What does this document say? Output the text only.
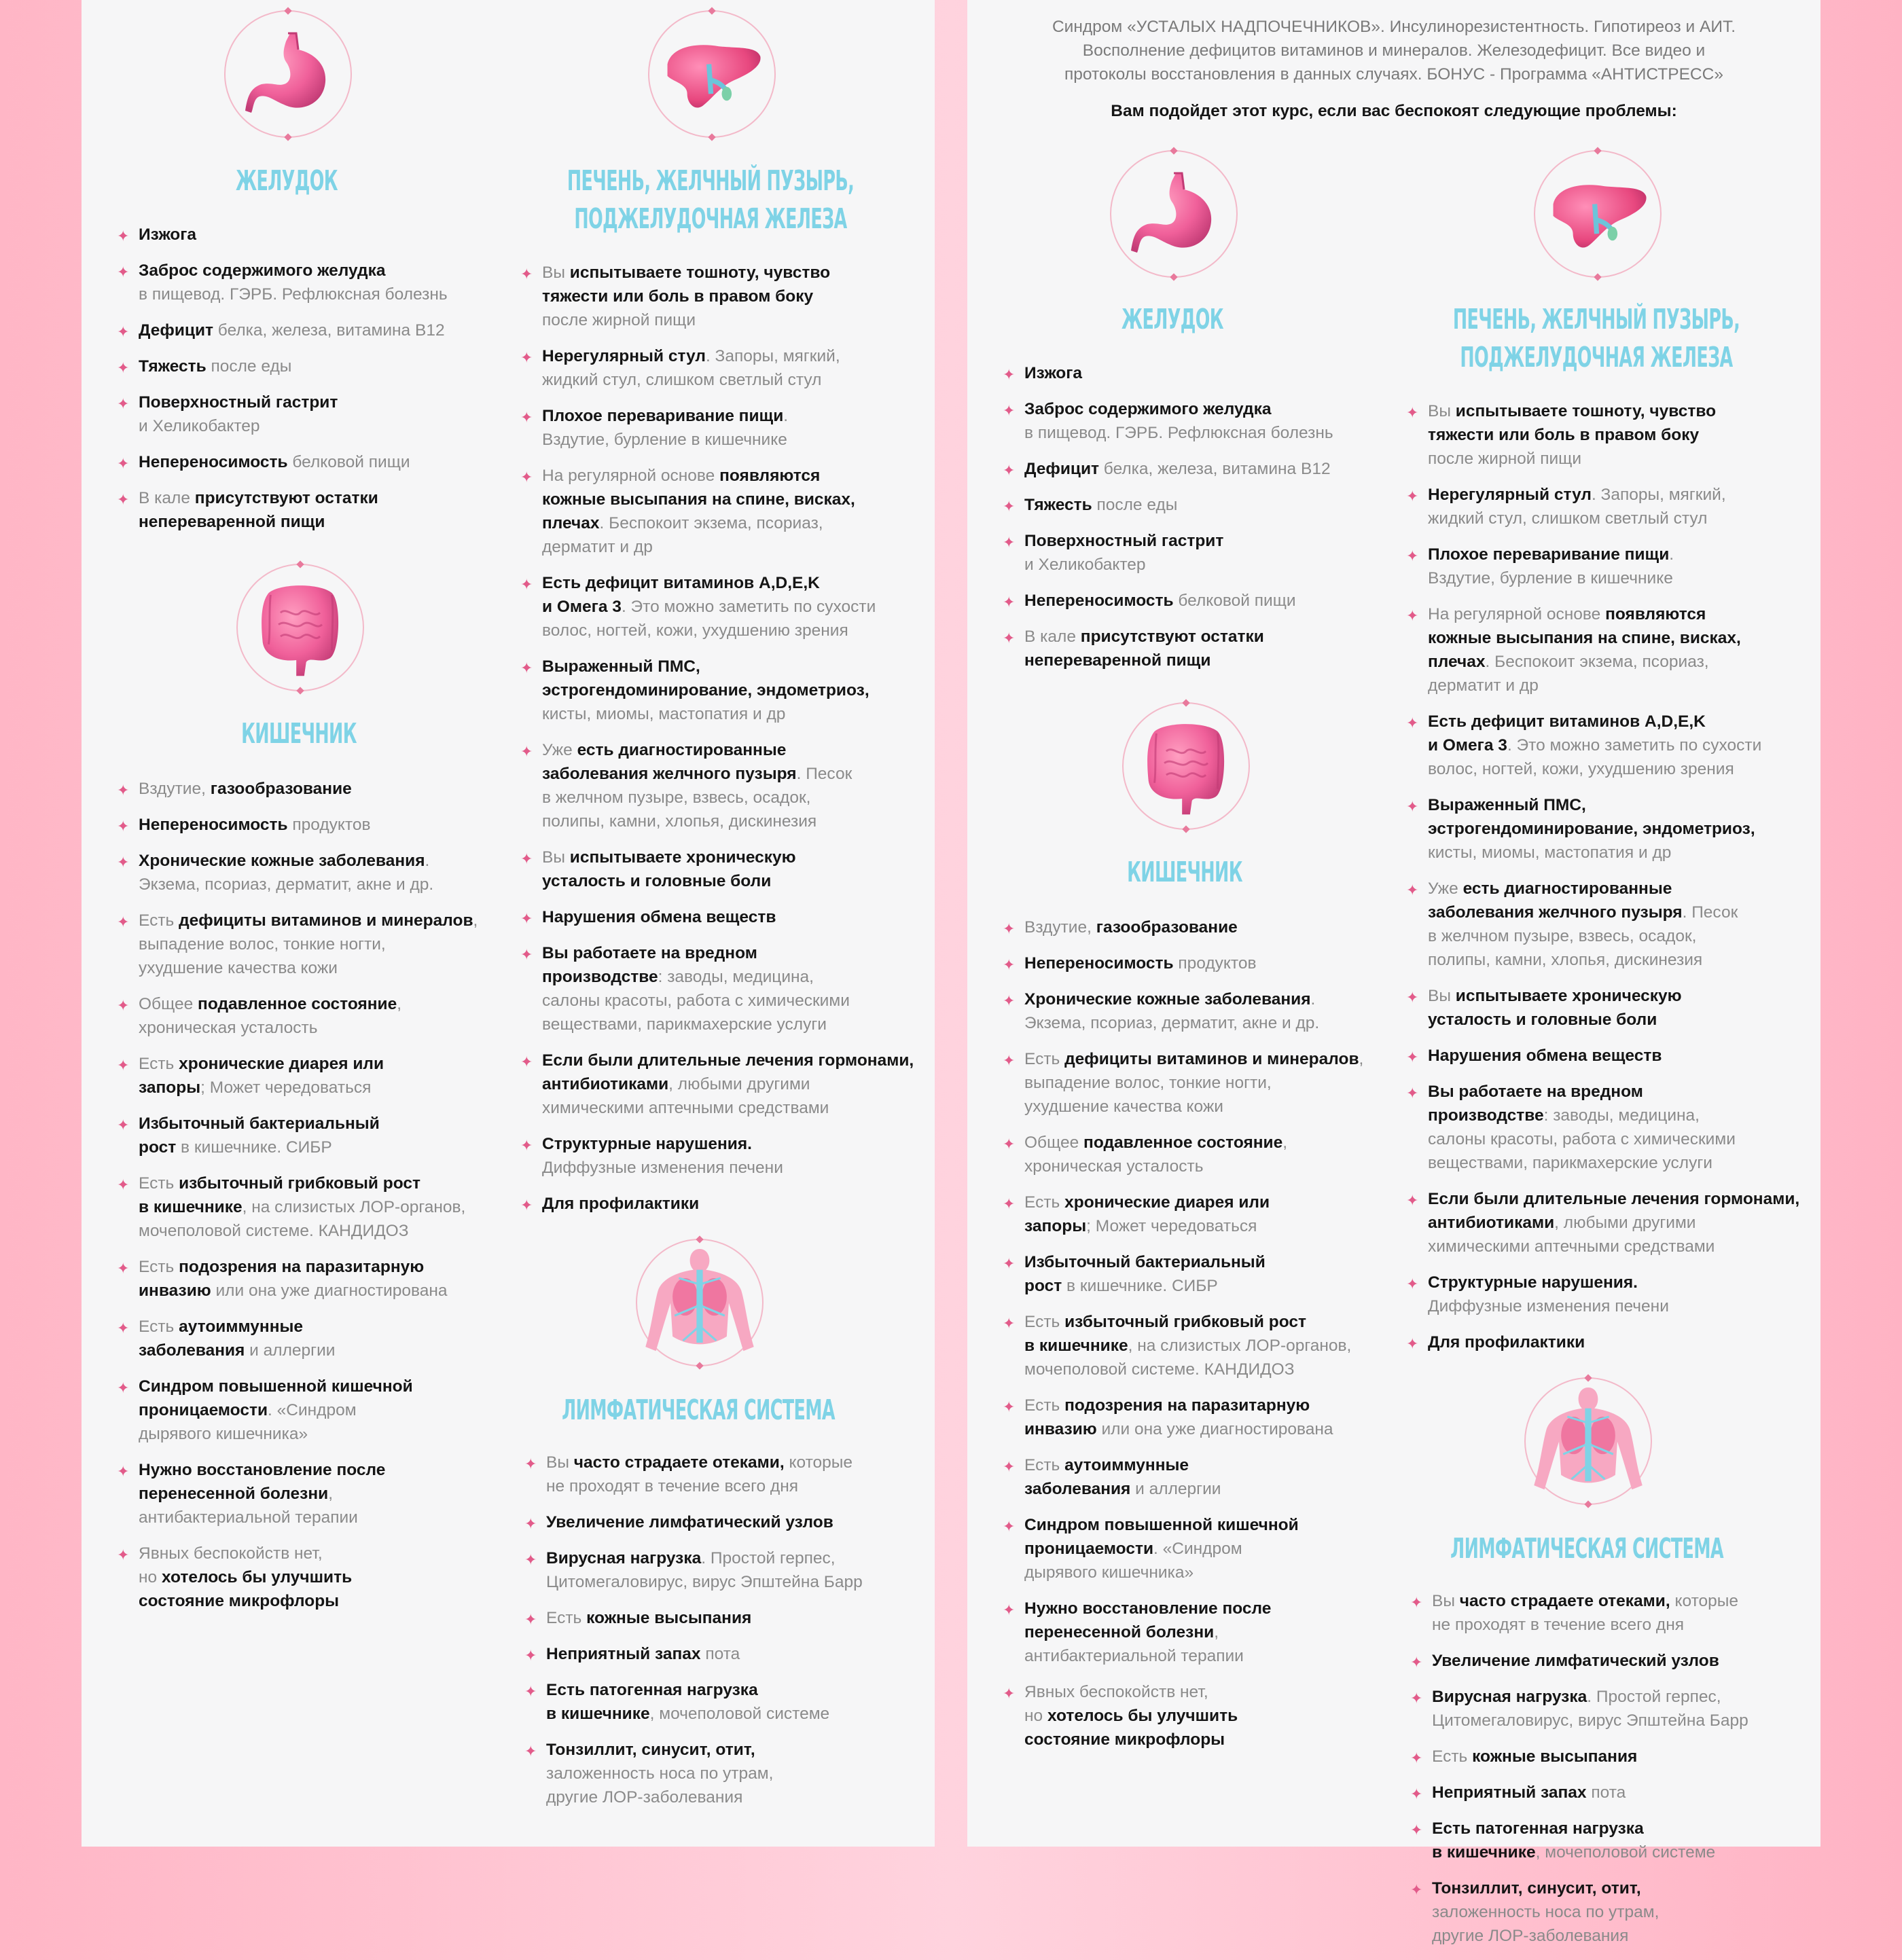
Синдром «УСТАЛЫХ НАДПОЧЕЧНИКОВ». Инсулинорезистентность. Гипотиреоз и АИТ.
Восполнение дефицитов витаминов и минералов. Железодефицит. Все видео и
протоколы восстановления в данных случаях. БОНУС - Программа «АНТИСТРЕСС»
Вам подойдет этот курс, если вас беспокоят следующие проблемы:
ЖЕЛУДОК
✦ Изжога
✦ Заброс содержимого желудка
в пищевод. ГЭРБ. Рефлюксная болезнь
✦ Дефицит белка, железа, витамина В12
✦ Тяжесть после еды
✦ Поверхностный гастрит
и Хеликобактер
✦ Непереносимость белковой пищи
✦ В кале присутствуют остатки
непереваренной пищи
ПЕЧЕНЬ, ЖЕЛЧНЫЙ ПУЗЫРЬ,
ПОДЖЕЛУДОЧНАЯ ЖЕЛЕЗА
✦ Вы испытываете тошноту, чувство
тяжести или боль в правом боку
после жирной пищи
✦ Нерегулярный стул. Запоры, мягкий,
жидкий стул, слишком светлый стул
✦ Плохое переваривание пищи.
Вздутие, бурление в кишечнике
✦ На регулярной основе появляются
кожные высыпания на спине, висках,
плечах. Беспокоит экзема, псориаз,
дерматит и др
✦ Есть дефицит витаминов A,D,E,K
и Омега 3. Это можно заметить по сухости
волос, ногтей, кожи, ухудшению зрения
✦ Выраженный ПМС,
эстрогендоминирование, эндометриоз,
кисты, миомы, мастопатия и др
✦ Уже есть диагностированные
заболевания желчного пузыря. Песок
в желчном пузыре, взвесь, осадок,
полипы, камни, хлопья, дискинезия
✦ Вы испытываете хроническую
усталость и головные боли
✦ Нарушения обмена веществ
✦ Вы работаете на вредном
производстве: заводы, медицина,
салоны красоты, работа с химическими
веществами, парикмахерские услуги
✦ Если были длительные лечения гормонами,
антибиотиками, любыми другими
химическими аптечными средствами
✦ Структурные нарушения.
Диффузные изменения печени
✦ Для профилактики
КИШЕЧНИК
✦ Вздутие, газообразование
✦ Непереносимость продуктов
✦ Хронические кожные заболевания.
Экзема, псориаз, дерматит, акне и др.
✦ Есть дефициты витаминов и минералов,
выпадение волос, тонкие ногти,
ухудшение качества кожи
✦ Общее подавленное состояние,
хроническая усталость
✦ Есть хронические диарея или
запоры; Может чередоваться
✦ Избыточный бактериальный
рост в кишечнике. СИБР
✦ Есть избыточный грибковый рост
в кишечнике, на слизистых ЛОР-органов,
мочеполовой системе. КАНДИДОЗ
✦ Есть подозрения на паразитарную
инвазию или она уже диагностирована
✦ Есть аутоиммунные
заболевания и аллергии
✦ Синдром повышенной кишечной
проницаемости. «Синдром
дырявого кишечника»
✦ Нужно восстановление после
перенесенной болезни,
антибактериальной терапии
✦ Явных беспокойств нет,
но хотелось бы улучшить
состояние микрофлоры
ЛИМФАТИЧЕСКАЯ СИСТЕМА
✦ Вы часто страдаете отеками, которые
не проходят в течение всего дня
✦ Увеличение лимфатический узлов
✦ Вирусная нагрузка. Простой герпес,
Цитомегаловирус, вирус Эпштейна Барр
✦ Есть кожные высыпания
✦ Неприятный запах пота
✦ Есть патогенная нагрузка
в кишечнике, мочеполовой системе
✦ Тонзиллит, синусит, отит,
заложенность носа по утрам,
другие ЛОР-заболевания
ЖЕЛУДОК
✦ Изжога
✦ Заброс содержимого желудка
в пищевод. ГЭРБ. Рефлюксная болезнь
✦ Дефицит белка, железа, витамина В12
✦ Тяжесть после еды
✦ Поверхностный гастрит
и Хеликобактер
✦ Непереносимость белковой пищи
✦ В кале присутствуют остатки
непереваренной пищи
ПЕЧЕНЬ, ЖЕЛЧНЫЙ ПУЗЫРЬ,
ПОДЖЕЛУДОЧНАЯ ЖЕЛЕЗА
✦ Вы испытываете тошноту, чувство
тяжести или боль в правом боку
после жирной пищи
✦ Нерегулярный стул. Запоры, мягкий,
жидкий стул, слишком светлый стул
✦ Плохое переваривание пищи.
Вздутие, бурление в кишечнике
✦ На регулярной основе появляются
кожные высыпания на спине, висках,
плечах. Беспокоит экзема, псориаз,
дерматит и др
✦ Есть дефицит витаминов A,D,E,K
и Омега 3. Это можно заметить по сухости
волос, ногтей, кожи, ухудшению зрения
✦ Выраженный ПМС,
эстрогендоминирование, эндометриоз,
кисты, миомы, мастопатия и др
✦ Уже есть диагностированные
заболевания желчного пузыря. Песок
в желчном пузыре, взвесь, осадок,
полипы, камни, хлопья, дискинезия
✦ Вы испытываете хроническую
усталость и головные боли
✦ Нарушения обмена веществ
✦ Вы работаете на вредном
производстве: заводы, медицина,
салоны красоты, работа с химическими
веществами, парикмахерские услуги
✦ Если были длительные лечения гормонами,
антибиотиками, любыми другими
химическими аптечными средствами
✦ Структурные нарушения.
Диффузные изменения печени
✦ Для профилактики
КИШЕЧНИК
✦ Вздутие, газообразование
✦ Непереносимость продуктов
✦ Хронические кожные заболевания.
Экзема, псориаз, дерматит, акне и др.
✦ Есть дефициты витаминов и минералов,
выпадение волос, тонкие ногти,
ухудшение качества кожи
✦ Общее подавленное состояние,
хроническая усталость
✦ Есть хронические диарея или
запоры; Может чередоваться
✦ Избыточный бактериальный
рост в кишечнике. СИБР
✦ Есть избыточный грибковый рост
в кишечнике, на слизистых ЛОР-органов,
мочеполовой системе. КАНДИДОЗ
✦ Есть подозрения на паразитарную
инвазию или она уже диагностирована
✦ Есть аутоиммунные
заболевания и аллергии
✦ Синдром повышенной кишечной
проницаемости. «Синдром
дырявого кишечника»
✦ Нужно восстановление после
перенесенной болезни,
антибактериальной терапии
✦ Явных беспокойств нет,
но хотелось бы улучшить
состояние микрофлоры
ЛИМФАТИЧЕСКАЯ СИСТЕМА
✦ Вы часто страдаете отеками, которые
не проходят в течение всего дня
✦ Увеличение лимфатический узлов
✦ Вирусная нагрузка. Простой герпес,
Цитомегаловирус, вирус Эпштейна Барр
✦ Есть кожные высыпания
✦ Неприятный запах пота
✦ Есть патогенная нагрузка
в кишечнике, мочеполовой системе
✦ Тонзиллит, синусит, отит,
заложенность носа по утрам,
другие ЛОР-заболевания
